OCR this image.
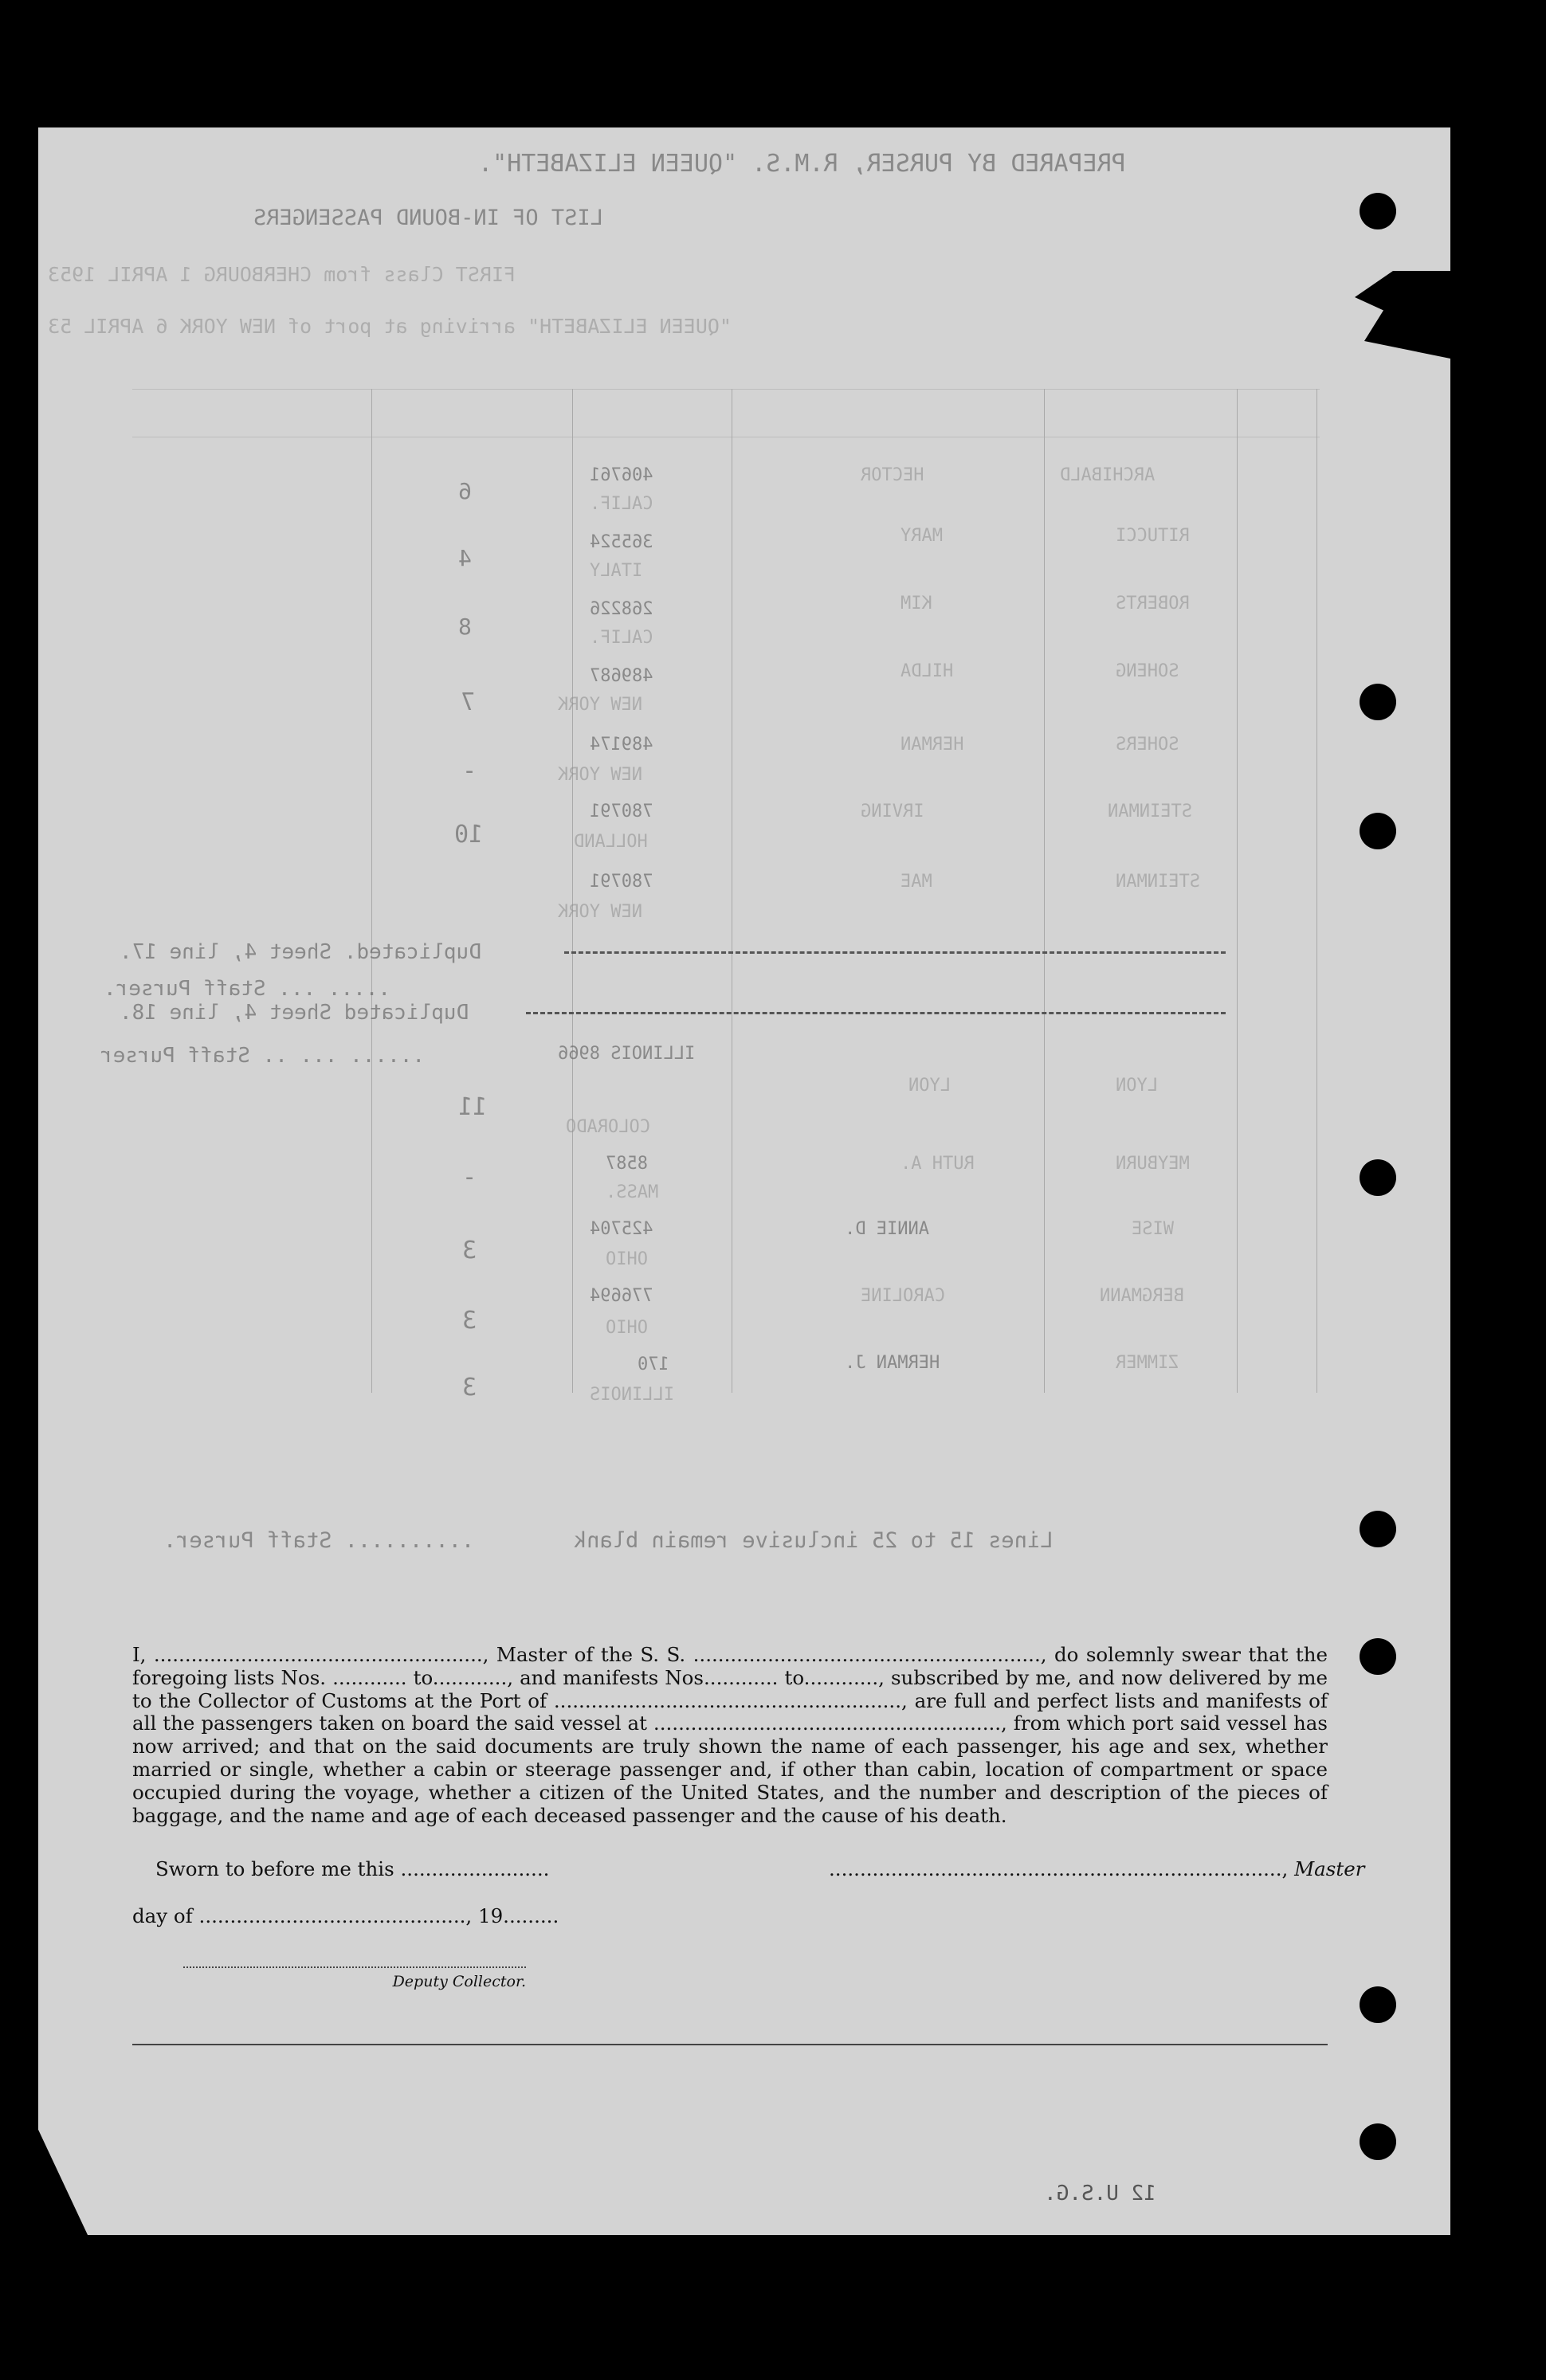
PREPARED BY PURSER, R.M.S. "QUEEN ELIZABETH".
LIST OF IN-BOUND PASSENGERS
FIRST Class from CHERBOURG 1 APRIL 1953
"QUEEN ELIZABETH" arriving at port of NEW YORK 6 APRIL 53
ARCHIBALD
HECTOR
406761
CALIF.
6
RITUCCI
MARY
365524
ITALY
4
ROBERTS
KIM
268226
CALIF.
8
SOHENG
HILDA
489687
NEW YORK
7
SOHERS
HERMAN
489174
NEW YORK
-
STEINMAN
IRVING
780791
HOLLAND
10
STEINMAN
MAE
780791
NEW YORK
Duplicated. Sheet 4, line 17.
..... ... Staff Purser.
Duplicated Sheet 4, line 18.
...... ... .. Staff Purser
LYON
LYON
ILLINOIS 8966
COLORADO
11
MEYBURN
RUTH A.
8587
MASS.
-
WISE
ANNIE D.
425704
OHIO
3
BERGMANN
CAROLINE
776694
OHIO
3
ZIMMER
HERMAN J.
170
ILLINOIS
3
Lines 15 to 25 inclusive remain blank
.......... Staff Purser.

I, ....................................................., Master of the S. S. ........................................................, do solemnly swear that the foregoing lists Nos. ............ to............, and manifests Nos............ to............, subscribed by me, and now delivered by me to the Collector of Customs at the Port of ........................................................, are full and perfect lists and manifests of all the passengers taken on board the said vessel at ........................................................, from which port said vessel has now arrived; and that on the said documents are truly shown the name of each passenger, his age and sex, whether married or single, whether a cabin or steerage passenger and, if other than cabin, location of compartment or space occupied during the voyage, whether a citizen of the United States, and the number and description of the pieces of baggage, and the name and age of each deceased passenger and the cause of his death.

Sworn to before me this ........................	........................................................................., Master
day of ..........................................., 19.........
Deputy Collector.
12 U.S.G.
